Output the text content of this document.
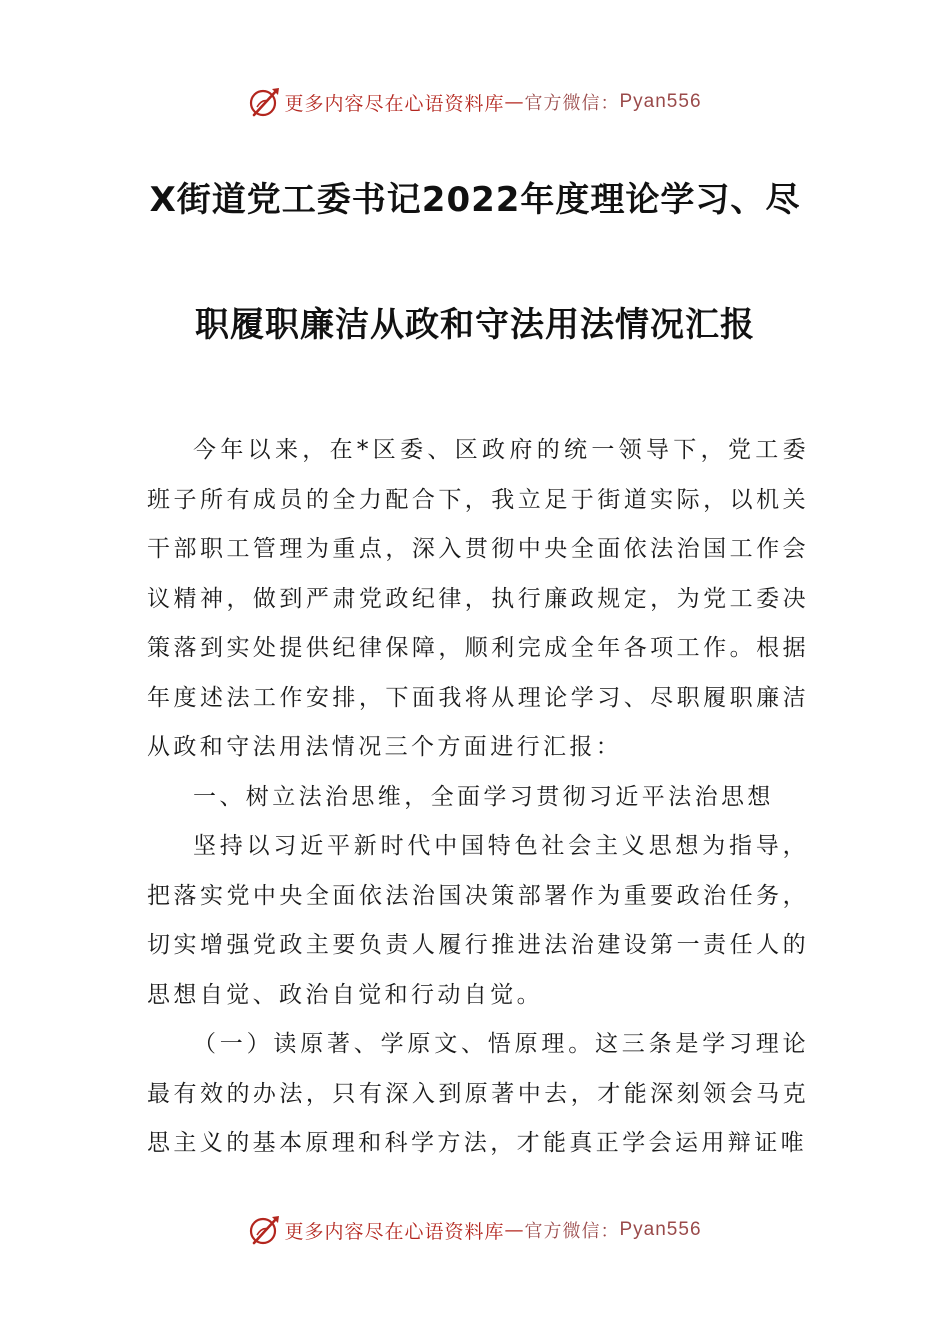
更多内容尽在心语资料库 — 官方微信： Pyan556
X街道党工委书记2022年度理论学习、尽
职履职廉洁从政和守法用法情况汇报

今年以来，在*区委、区政府的统一领导下，党工委班子所有成员的全力配合下，我立足于街道实际，以机关干部职工管理为重点，深入贯彻中央全面依法治国工作会议精神，做到严肃党政纪律，执行廉政规定，为党工委决策落到实处提供纪律保障，顺利完成全年各项工作。根据年度述法工作安排，下面我将从理论学习、尽职履职廉洁从政和守法用法情况三个方面进行汇报：

一、树立法治思维，全面学习贯彻习近平法治思想

坚持以习近平新时代中国特色社会主义思想为指导，把落实党中央全面依法治国决策部署作为重要政治任务，切实增强党政主要负责人履行推进法治建设第一责任人的思想自觉、政治自觉和行动自觉。

（一）读原著、学原文、悟原理。这三条是学习理论最有效的办法，只有深入到原著中去，才能深刻领会马克思主义的基本原理和科学方法，才能真正学会运用辩证唯

更多内容尽在心语资料库 — 官方微信： Pyan556
